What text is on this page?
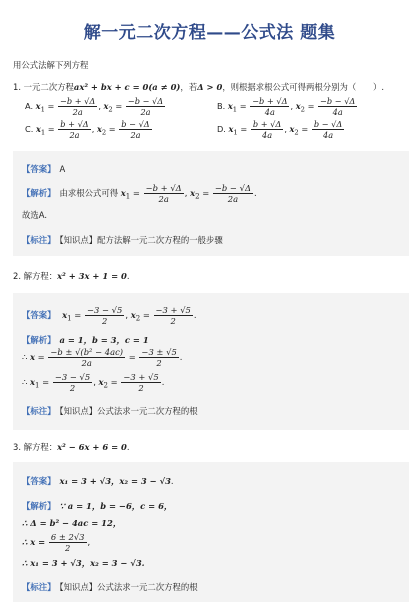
解一元二次方程——公式法 题集
用公式法解下列方程
1. 一元二次方程ax² + bx + c = 0(a ≠ 0)，若Δ > 0，则根据求根公式可得两根分别为（　　）.
A. $x_1 = \frac{-b + √\Delta}{2a}$ , $x_2 = \frac{-b - √\Delta}{2a}$	B. $x_1 = \frac{-b + √\Delta}{4a}$ , $x_2 = \frac{-b - √\Delta}{4a}$
C. $x_1 = \frac{b + √\Delta}{2a}$ , $x_2 = \frac{b - √\Delta}{2a}$	D. $x_1 = \frac{b + √\Delta}{4a}$ , $x_2 = \frac{b - √\Delta}{4a}$
【答案】 A
【解析】 由求根公式可得 $x_1 = \frac{-b + √\Delta}{2a}$ , $x_2 = \frac{-b - √\Delta}{2a}$ .
故选A.
【标注】 【知识点】配方法解一元二次方程的一般步骤
2. 解方程：x² + 3x + 1 = 0.
【答案】 $x_1 = \frac{-3 - √5}{2}$ , $x_2 = \frac{-3 + √5}{2}$ .
【解析】 a = 1，b = 3，c = 1
∴ $x = \frac{\text{−b ± √(b² − 4ac)}}{2a} = \frac{-3 \pm √5}{2}$ .
∴ $x_1 = \frac{-3 - √5}{2}$ , $x_2 = \frac{-3 + √5}{2}$ .
【标注】 【知识点】公式法求一元二次方程的根
3. 解方程：x² − 6x + 6 = 0.
【答案】 x₁ = 3 + √3，x₂ = 3 − √3.
【解析】 ∵ a = 1，b = −6，c = 6，
∴ Δ = b² − 4ac = 12，
∴ $x = \frac{6 \pm 2√3}{2}$ ,
∴ x₁ = 3 + √3，x₂ = 3 − √3.
【标注】 【知识点】公式法求一元二次方程的根
